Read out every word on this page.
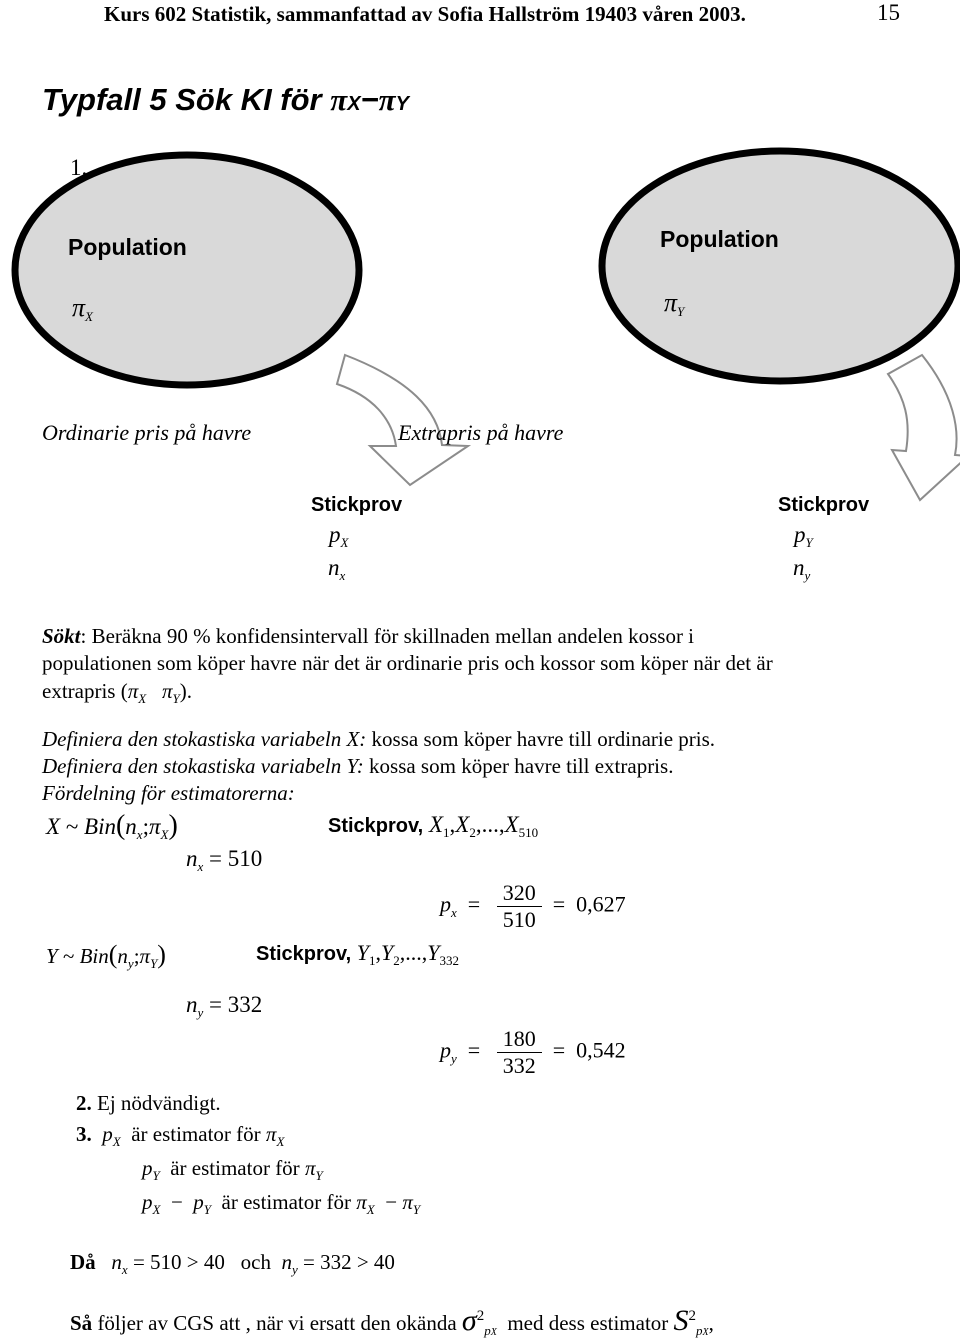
Kurs 602 Statistik, sammanfattad av Sofia Hallström 19403 våren 2003.	15
Typfall 5 Sök KI för πX−πY
1.
Population
πX
Population
πY
Ordinarie pris på havre	Extrapris på havre
Stickprov
$p_X$
$n_x$
Stickprov
$p_Y$
$n_y$
Sökt: Beräkna 90 % konfidensintervall för skillnaden mellan andelen kossor i
populationen som köper havre när det är ordinarie pris och kossor som köper när det är
extrapris ($\pi_X$ $\pi_Y$).
Definiera den stokastiska variabeln X: kossa som köper havre till ordinarie pris.
Definiera den stokastiska variabeln Y: kossa som köper havre till extrapris.
Fördelning för estimatorerna:
X ~ $Bin(n_x;\pi_X)$	Stickprov, $X_1,X_2,...,X_{510}$
$n_x = 510$
$p_x = \frac{320}{510} = 0,627$
Y ~ $Bin(n_y;\pi_Y)$	Stickprov, $Y_1,Y_2,...,Y_{332}$
$n_y = 332$
$p_y = \frac{180}{332} = 0,542$
2. Ej nödvändigt.
3. $p_X$ är estimator för $\pi_X$
$p_Y$ är estimator för $\pi_Y$
$p_X - p_Y$ är estimator för $\pi_X - \pi_Y$
Då $n_x = 510 > 40$ och $n_y = 332 > 40$
Så följer av CGS att , när vi ersatt den okända $\sigma^2_{pX}$ med dess estimator $S^2_{pX}$,
